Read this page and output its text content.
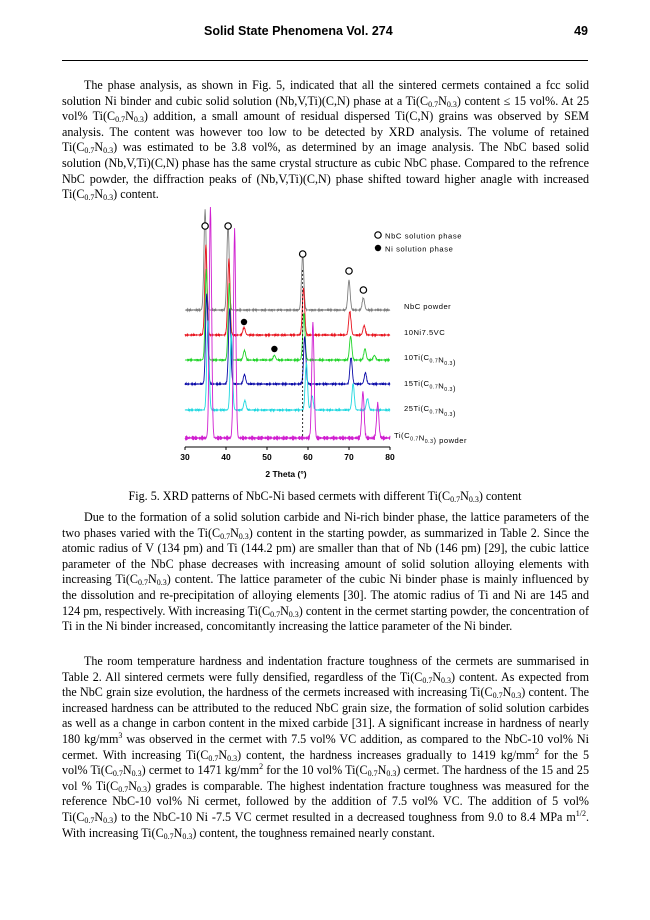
Solid State Phenomena Vol. 274	49

The phase analysis, as shown in Fig. 5, indicated that all the sintered cermets contained a fcc solid solution Ni binder and cubic solid solution (Nb,V,Ti)(C,N) phase at a $Ti(C_{0.7}N_{0.3})$ content ≤ 15 vol%. At 25 vol% $Ti(C_{0.7}N_{0.3})$ addition, a small amount of residual dispersed Ti(C,N) grains was observed by SEM analysis. The content was however too low to be detected by XRD analysis. The volume of retained $Ti(C_{0.7}N_{0.3})$ was estimated to be 3.8 vol%, as determined by an image analysis. The NbC based solid solution (Nb,V,Ti)(C,N) phase has the same crystal structure as cubic NbC phase. Compared to the refrence NbC powder, the diffraction peaks of (Nb,V,Ti)(C,N) phase shifted toward higher anagle with increased $Ti(C_{0.7}N_{0.3})$ content.

NbC solution phase
Ni solution phase
NbC powder
10Ni7.5VC
$10Ti(C_{0.7}N_{0.3})$
$15Ti(C_{0.7}N_{0.3})$
$25Ti(C_{0.7}N_{0.3})$
$Ti(C_{0.7}N_{0.3})$ powder
30	40	50	60	70	80
2 Theta (°)

Fig. 5. XRD patterns of NbC-Ni based cermets with different $Ti(C_{0.7}N_{0.3})$ content

Due to the formation of a solid solution carbide and Ni-rich binder phase, the lattice parameters of the two phases varied with the $Ti(C_{0.7}N_{0.3})$ content in the starting powder, as summarized in Table 2. Since the atomic radius of V (134 pm) and Ti (144.2 pm) are smaller than that of Nb (146 pm) [29], the cubic lattice parameter of the NbC phase decreases with increasing amount of solid solution alloying elements with increasing $Ti(C_{0.7}N_{0.3})$ content. The lattice parameter of the cubic Ni binder phase is mainly influenced by the dissolution and re-precipitation of alloying elements [30]. The atomic radius of Ti and Ni are 145 and 124 pm, respectively. With increasing $Ti(C_{0.7}N_{0.3})$ content in the cermet starting powder, the concentration of Ti in the Ni binder increased, concomitantly increasing the lattice parameter of the Ni binder.

The room temperature hardness and indentation fracture toughness of the cermets are summarised in Table 2. All sintered cermets were fully densified, regardless of the $Ti(C_{0.7}N_{0.3})$ content. As expected from the NbC grain size evolution, the hardness of the cermets increased with increasing $Ti(C_{0.7}N_{0.3})$ content. The increased hardness can be attributed to the reduced NbC grain size, the formation of solid solution carbides as well as a change in carbon content in the mixed carbide [31]. A significant increase in hardness of nearly 180 $kg/mm^3$ was observed in the cermet with 7.5 vol% VC addition, as compared to the NbC-10 vol% Ni cermet. With increasing $Ti(C_{0.7}N_{0.3})$ content, the hardness increases gradually to 1419 $kg/mm^2$ for the 5 vol% $Ti(C_{0.7}N_{0.3})$ cermet to 1471 $kg/mm^2$ for the 10 vol% $Ti(C_{0.7}N_{0.3})$ cermet. The hardness of the 15 and 25 vol % $Ti(C_{0.7}N_{0.3})$ grades is comparable. The highest indentation fracture toughness was measured for the reference NbC-10 vol% Ni cermet, followed by the addition of 7.5 vol% VC. The addition of 5 vol% $Ti(C_{0.7}N_{0.3})$ to the NbC-10 Ni -7.5 VC cermet resulted in a decreased toughness from 9.0 to 8.4 MPa $m^{1/2}$. With increasing $Ti(C_{0.7}N_{0.3})$ content, the toughness remained nearly constant.
